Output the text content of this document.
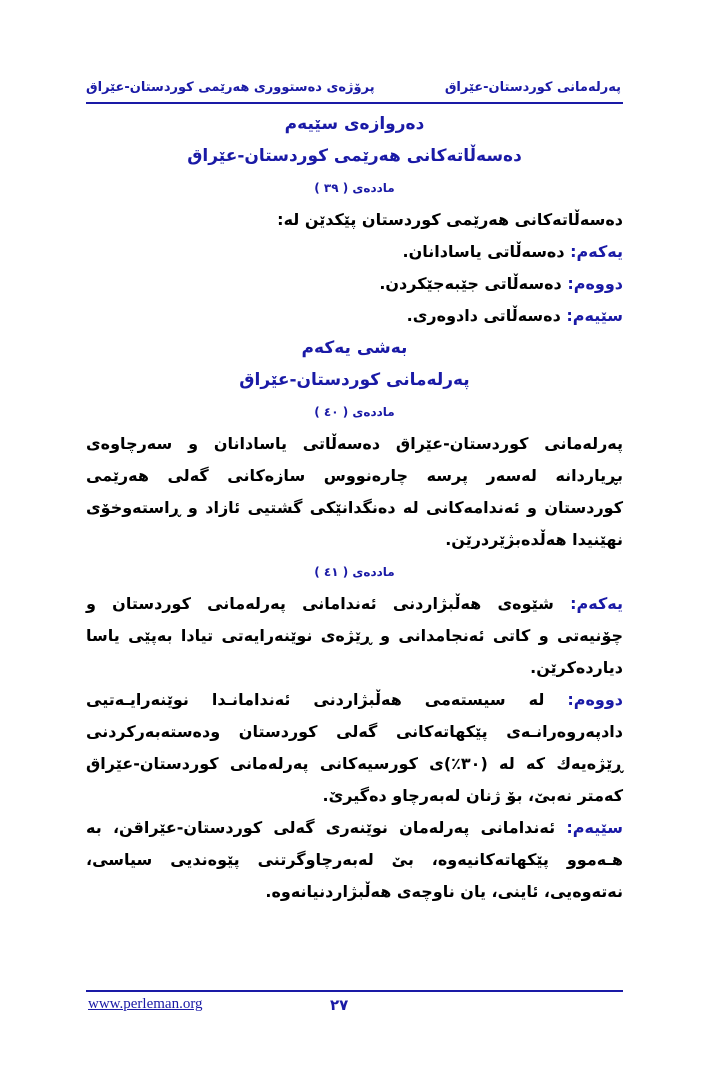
پەرلەمانی کوردستان-عێراق
پرۆژەی دەستووری هەرێمی کوردستان-عێراق
دەروازەی سێیەم
دەسەڵاتەکانی هەرێمی کوردستان-عێراق
ماددەی ( ٣٩ )

دەسەڵاتەکانی هەرێمی کوردستان پێکدێن لە:

یەکەم: دەسەڵاتی یاسادانان.

دووەم: دەسەڵاتی جێبەجێکردن.

سێیەم: دەسەڵاتی دادوەری.

بەشی یەکەم
پەرلەمانی کوردستان-عێراق
ماددەی ( ٤٠ )

پەرلەمانی کوردستان-عێراق دەسەڵاتی یاسادانان و سەرچاوەی بڕیاردانە لەسەر پرسە چارەنووس سازەکانی گەلی هەرێمی کوردستان و ئەندامەکانی لە دەنگدانێکی گشتیی ئازاد و ڕاستەوخۆی نهێنیدا هەڵدەبژێردرێن.

ماددەی ( ٤١ )

یەکەم: شێوەی هەڵبژاردنی ئەندامانی پەرلەمانی کوردستان و چۆنیەتی و کاتی ئەنجامدانی و ڕێژەی نوێنەرایەتی تیادا بەپێی یاسا دیاردەکرێن.

دووەم: لە سیستەمی هەڵبژاردنی ئەندامانـدا نوێنەرایـەتیی دادپەروەرانـەی پێکهاتەکانی گەلی کوردستان ودەستەبەرکردنی ڕێژەیەك کە لە (٣٠٪)ی کورسیەکانی پەرلەمانی کوردستان-عێراق کەمتر نەبێ، بۆ ژنان لەبەرچاو دەگیرێ.

سێیەم: ئەندامانی پەرلەمان نوێنەری گەلی کوردستان-عێراقن، بە هـەموو پێکهاتەکانیەوە، بێ لەبەرچاوگرتنی پێوەندیی سیاسی، نەتەوەیی، ئاینی، یان ناوچەی هەڵبژاردنیانەوە.

www.perleman.org	٢٧
